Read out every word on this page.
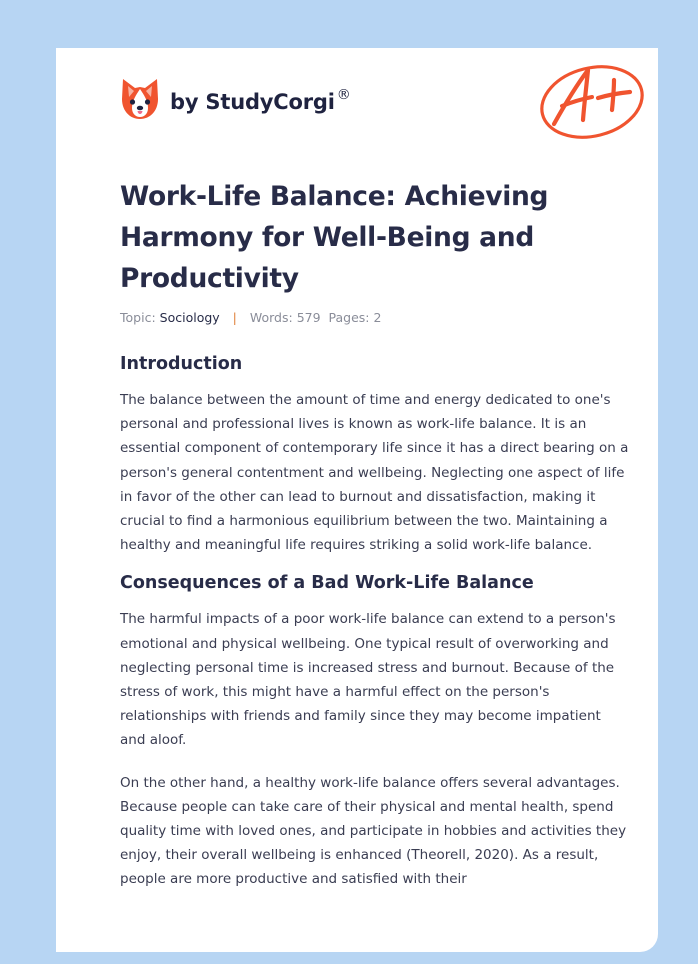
by StudyCorgi ®
Work-Life Balance: Achieving Harmony for Well-Being and Productivity
Topic: Sociology | Words: 579 Pages: 2
Introduction

The balance between the amount of time and energy dedicated to one's personal and professional lives is known as work-life balance. It is an essential component of contemporary life since it has a direct bearing on a person's general contentment and wellbeing. Neglecting one aspect of life in favor of the other can lead to burnout and dissatisfaction, making it crucial to find a harmonious equilibrium between the two. Maintaining a healthy and meaningful life requires striking a solid work-life balance.

Consequences of a Bad Work-Life Balance

The harmful impacts of a poor work-life balance can extend to a person's emotional and physical wellbeing. One typical result of overworking and neglecting personal time is increased stress and burnout. Because of the stress of work, this might have a harmful effect on the person's relationships with friends and family since they may become impatient and aloof.

On the other hand, a healthy work-life balance offers several advantages. Because people can take care of their physical and mental health, spend quality time with loved ones, and participate in hobbies and activities they enjoy, their overall wellbeing is enhanced (Theorell, 2020). As a result, people are more productive and satisfied with their
